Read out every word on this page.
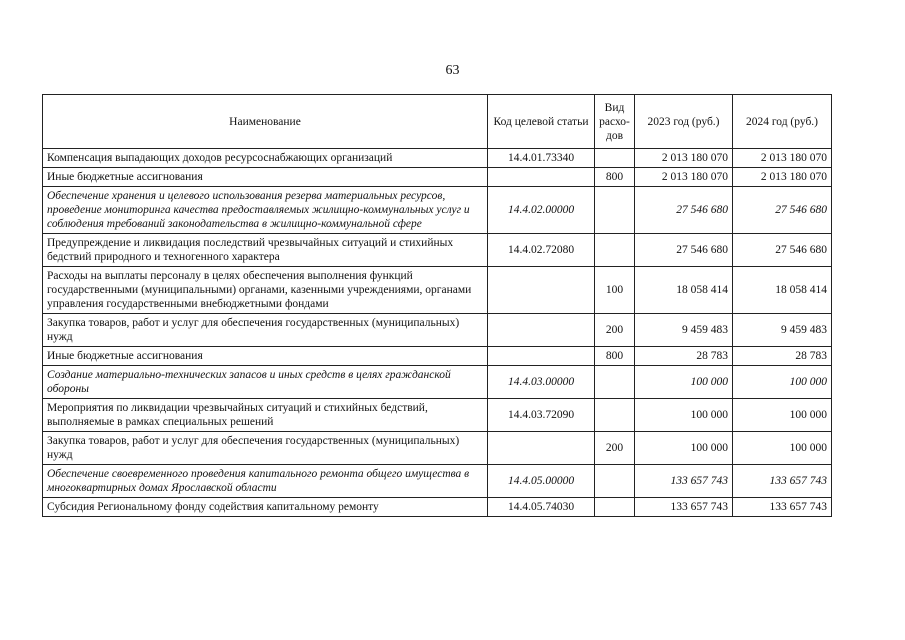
63
Наименование	Код целевой статьи	Вид расхо-дов	2023 год (руб.)	2024 год (руб.)
Компенсация выпадающих доходов ресурсоснабжающих организаций	14.4.01.73340		2 013 180 070	2 013 180 070
Иные бюджетные ассигнования		800	2 013 180 070	2 013 180 070
Обеспечение хранения и целевого использования резерва материальных ресурсов, проведение мониторинга качества предоставляемых жилищно-коммунальных услуг и соблюдения требований законодательства в жилищно-коммунальной сфере	14.4.02.00000		27 546 680	27 546 680
Предупреждение и ликвидация последствий чрезвычайных ситуаций и стихийных бедствий природного и техногенного характера	14.4.02.72080		27 546 680	27 546 680
Расходы на выплаты персоналу в целях обеспечения выполнения функций государственными (муниципальными) органами, казенными учреждениями, органами управления государственными внебюджетными фондами		100	18 058 414	18 058 414
Закупка товаров, работ и услуг для обеспечения государственных (муниципальных) нужд		200	9 459 483	9 459 483
Иные бюджетные ассигнования		800	28 783	28 783
Создание материально-технических запасов и иных средств в целях гражданской обороны	14.4.03.00000		100 000	100 000
Мероприятия по ликвидации чрезвычайных ситуаций и стихийных бедствий, выполняемые в рамках специальных решений	14.4.03.72090		100 000	100 000
Закупка товаров, работ и услуг для обеспечения государственных (муниципальных) нужд		200	100 000	100 000
Обеспечение своевременного проведения капитального ремонта общего имущества в многоквартирных домах Ярославской области	14.4.05.00000		133 657 743	133 657 743
Субсидия Региональному фонду содействия капитальному ремонту	14.4.05.74030		133 657 743	133 657 743
